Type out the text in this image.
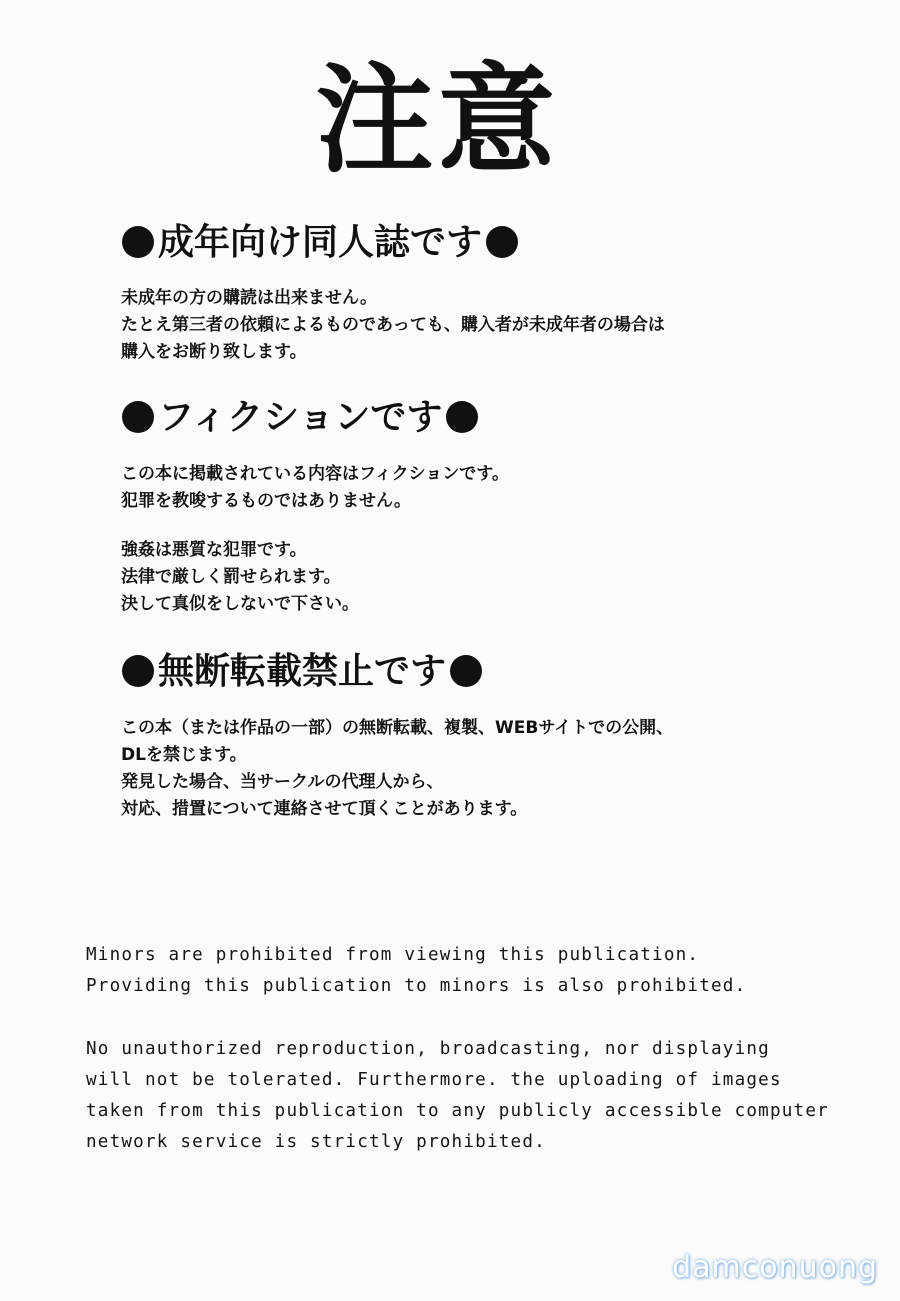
注意
成年向け同人誌です
未成年の方の購読は出来ません。
たとえ第三者の依頼によるものであっても、購入者が未成年者の場合は
購入をお断り致します。
フィクションです
この本に掲載されている内容はフィクションです。
犯罪を教唆するものではありません。
強姦は悪質な犯罪です。
法律で厳しく罰せられます。
決して真似をしないで下さい。
無断転載禁止です
この本（または作品の一部）の無断転載、複製、WEBサイトでの公開、
DLを禁じます。
発見した場合、当サークルの代理人から、
対応、措置について連絡させて頂くことがあります。
Minors are prohibited from viewing this publication.
Providing this publication to minors is also prohibited.
No unauthorized reproduction, broadcasting, nor displaying
will not be tolerated. Furthermore. the uploading of images
taken from this publication to any publicly accessible computer
network service is strictly prohibited.
damconuong
